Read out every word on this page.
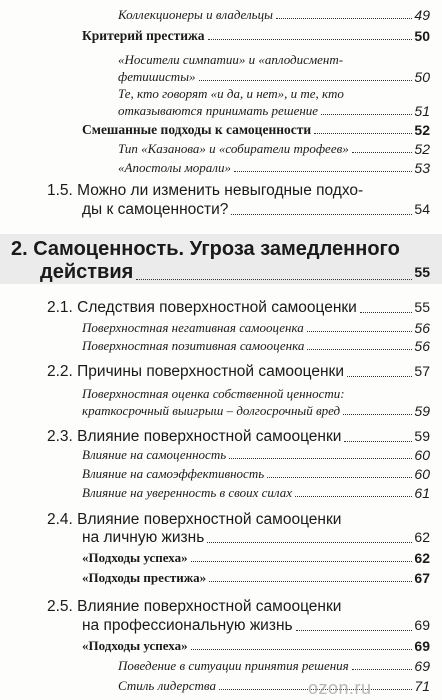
Коллекционеры и владельцы	49
Критерий престижа	50
«Носители симпатии» и «аплодисмент-
фетишисты»	50
Те, кто говорят «и да, и нет», и те, кто
отказываются принимать решение	51
Смешанные подходы к самоценности	52
Тип «Казанова» и «собиратели трофеев»	52
«Апостолы морали»	53
1.5. Можно ли изменить невыгодные подхо-
ды к самоценности?	54
2. Самоценность. Угроза замедленного
действия	55
2.1. Следствия поверхностной самооценки	55
Поверхностная негативная самооценка	56
Поверхностная позитивная самооценка	56
2.2. Причины поверхностной самооценки	57
Поверхностная оценка собственной ценности:
краткосрочный выигрыш – долгосрочный вред	59
2.3. Влияние поверхностной самооценки	59
Влияние на самоценность	60
Влияние на самоэффективность	60
Влияние на уверенность в своих силах	61
2.4. Влияние поверхностной самооценки
на личную жизнь	62
«Подходы успеха»	62
«Подходы престижа»	67
2.5. Влияние поверхностной самооценки
на профессиональную жизнь	69
«Подходы успеха»	69
Поведение в ситуации принятия решения	69
Стиль лидерства	71
ozon.ru
